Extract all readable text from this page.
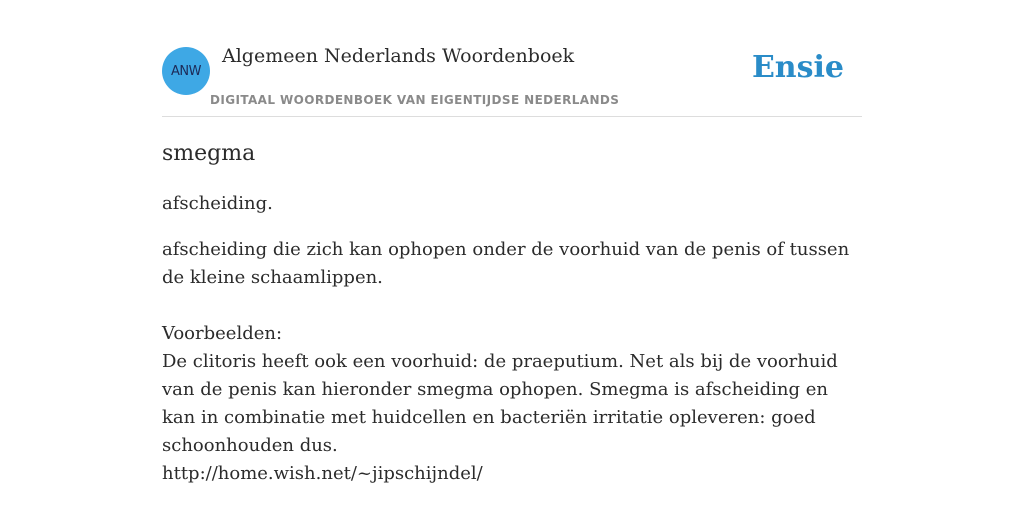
ANW
Algemeen Nederlands Woordenboek
DIGITAAL WOORDENBOEK VAN EIGENTIJDSE NEDERLANDS
Ensie
smegma

afscheiding.

afscheiding die zich kan ophopen onder de voorhuid van de penis of tussen de kleine schaamlippen.

Voorbeelden:

De clitoris heeft ook een voorhuid: de praeputium. Net als bij de voorhuid van de penis kan hieronder smegma ophopen. Smegma is afscheiding en kan in combinatie met huidcellen en bacteriën irritatie opleveren: goed schoonhouden dus.

http://home.wish.net/~jipschijndel/
